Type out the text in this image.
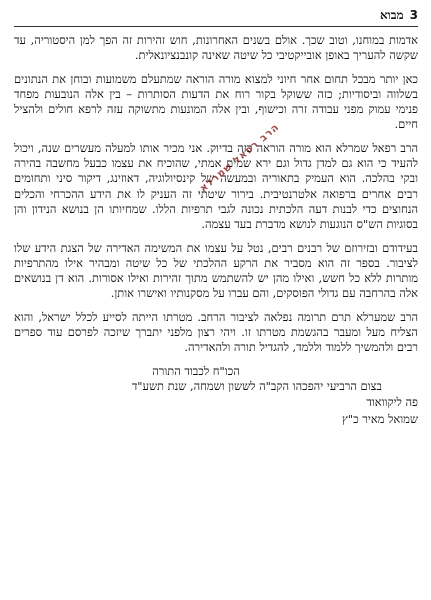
3
מבוא

אדמות במוחנו, וטוב שכך. אולם בשנים האחרונות, חוש זהירות זה הפך למן היסטוריה, עד שקשה להעריך באופן אובייקטיבי כל שיטה שאינה קונבנציונאלית.

כאן יותר מבכל תחום אחר חיוני למצוא מורה הוראה שמתעלם משמועות ובוחן את הנתונים בשלווה וביסודיות; כזה ששוקל בקור רוח את הדעות הסותרות – בין אלה הנובעות מפחד פנימי עמוק מפני עבודה זרה וכישוף, ובין אלה המונעות מתשוקה עזה לרפא חולים ולהציל חיים.

הרב רפאל שמרלא הוא מורה הוראה כזה בדיוק. אני מכיר אותו למעלה מעשרים שנה, ויכול להעיד כי הוא גם למדן גדול וגם ירא שמים אמתי, שהוכיח את עצמו כבעל מחשבה בהירה ובקי בהלכה. הוא העמיק בתאוריה ובמעשה של קינסיולוגיה, דאוזינג, דיקור סיני ותחומים רבים אחרים ברפואה אלטרנטיבית. בירור שיטתי זה העניק לו את הידע ההכרחי והכלים הנחוצים כדי לבנות דעה הלכתית נכונה לגבי תרפיות הללו. שמחיותו הן בנושא הנידון והן בסוגיות הש"ס הנוגעות לנושא מדברת בעד עצמה.

בעידודם ובזירוזם של רבנים רבים, נטל על עצמו את המשימה האדירה של הצגת הידע שלו לציבור. בספר זה הוא מסביר את הרקע ההלכתי של כל שיטה ומבהיר אילו מהתרפיות מותרות ללא כל חשש, ואילו מהן יש להשתמש מתוך זהירות ואילו אסורות. הוא דן בנושאים אלה בהרחבה עם גדולי הפוסקים, והם עברו על מסקנותיו ואישרו אותן.

הרב שמערלא תרם תרומה נפלאה לציבור הרחב. מטרתו הייתה לסייע לכלל ישראל, והוא הצליח מעל ומעבר בהגשמת מטרתו זו. ויהי רצון מלפני יתברך שיזכה לפרסם עוד ספרים רבים ולהמשיך ללמוד וללמד, להגדיל תורה ולהאדירה.

הכו"ח לכבוד התורה

בצום הרביעי יהפכהו הקב"ה לששון ושמחה, שנת תשע"ד

פה ליקוואוד

שמואל מאיר כ"ץ

הרב רפאל שמרלא
